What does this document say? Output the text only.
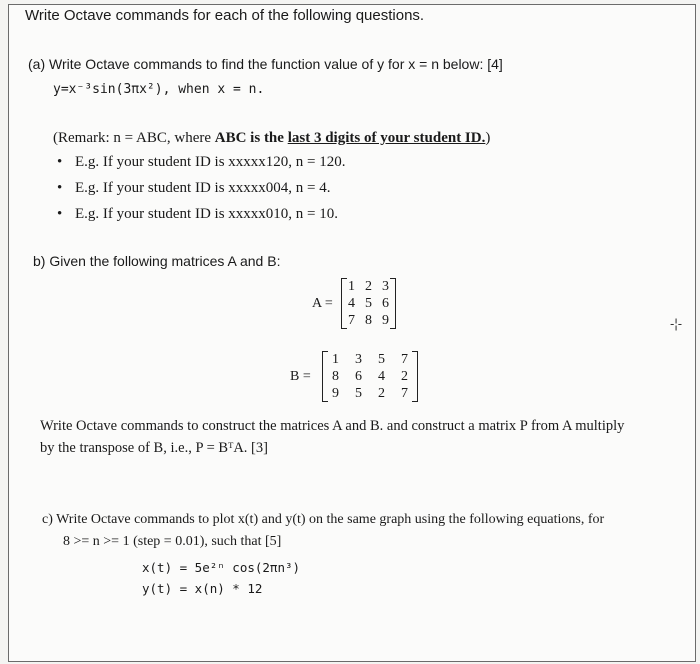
Write Octave commands for each of the following questions.
(a) Write Octave commands to find the function value of y for x = n below: [4]
y=x⁻³sin(3πx²), when x = n.
(Remark: n = ABC, where ABC is the last 3 digits of your student ID.)
• E.g. If your student ID is xxxxx120, n = 120.
• E.g. If your student ID is xxxxx004, n = 4.
• E.g. If your student ID is xxxxx010, n = 10.
b) Given the following matrices A and B:
A =
1	2	3
4	5	6
7	8	9	-¦-
B =
1	3	5	7
8	6	4	2
9	5	2	7
Write Octave commands to construct the matrices A and B. and construct a matrix P from A multiply
by the transpose of B, i.e., P = BᵀA. [3]
c) Write Octave commands to plot x(t) and y(t) on the same graph using the following equations, for
8 >= n >= 1 (step = 0.01), such that [5]
x(t) = 5e²ⁿ cos(2πn³)
y(t) = x(n) * 12
